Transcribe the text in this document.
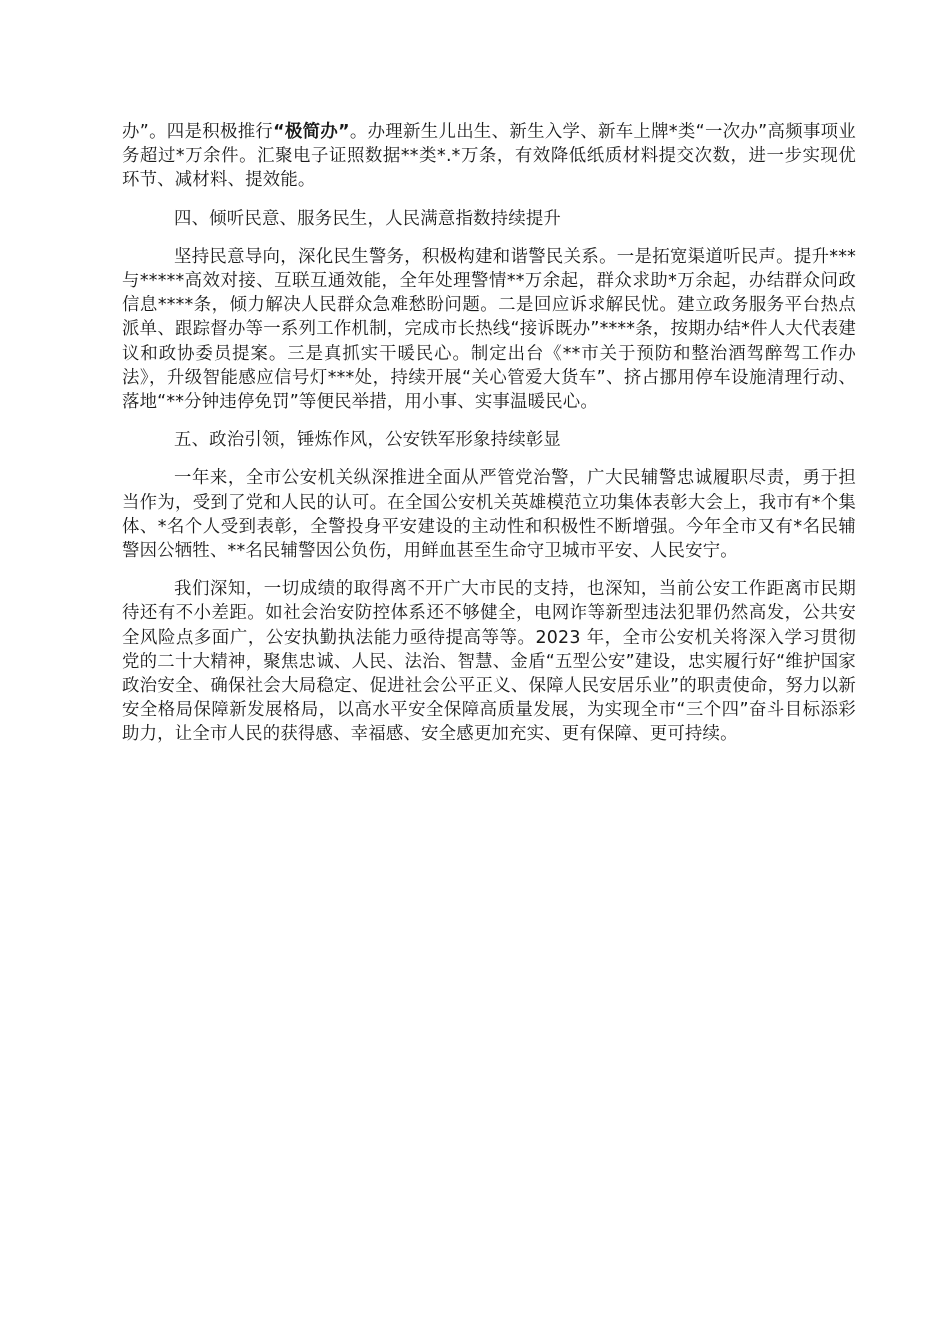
办”。四是积极推行“极简办”。办理新生儿出生、新生入学、新车上牌*类“一次办”高频事项业务超过*万余件。汇聚电子证照数据**类*.*万条，有效降低纸质材料提交次数，进一步实现优环节、减材料、提效能。

四、倾听民意、服务民生，人民满意指数持续提升

坚持民意导向，深化民生警务，积极构建和谐警民关系。一是拓宽渠道听民声。提升***与*****高效对接、互联互通效能，全年处理警情**万余起，群众求助*万余起，办结群众问政信息****条，倾力解决人民群众急难愁盼问题。二是回应诉求解民忧。建立政务服务平台热点派单、跟踪督办等一系列工作机制，完成市长热线“接诉既办”****条，按期办结*件人大代表建议和政协委员提案。三是真抓实干暖民心。制定出台《**市关于预防和整治酒驾醉驾工作办法》，升级智能感应信号灯***处，持续开展“关心管爱大货车”、挤占挪用停车设施清理行动、落地“**分钟违停免罚”等便民举措，用小事、实事温暖民心。

五、政治引领，锤炼作风，公安铁军形象持续彰显

一年来，全市公安机关纵深推进全面从严管党治警，广大民辅警忠诚履职尽责，勇于担当作为，受到了党和人民的认可。在全国公安机关英雄模范立功集体表彰大会上，我市有*个集体、*名个人受到表彰，全警投身平安建设的主动性和积极性不断增强。今年全市又有*名民辅警因公牺牲、**名民辅警因公负伤，用鲜血甚至生命守卫城市平安、人民安宁。

我们深知，一切成绩的取得离不开广大市民的支持，也深知，当前公安工作距离市民期待还有不小差距。如社会治安防控体系还不够健全，电网诈等新型违法犯罪仍然高发，公共安全风险点多面广，公安执勤执法能力亟待提高等等。2023 年，全市公安机关将深入学习贯彻党的二十大精神，聚焦忠诚、人民、法治、智慧、金盾“五型公安”建设，忠实履行好“维护国家政治安全、确保社会大局稳定、促进社会公平正义、保障人民安居乐业”的职责使命，努力以新安全格局保障新发展格局，以高水平安全保障高质量发展，为实现全市“三个四”奋斗目标添彩助力，让全市人民的获得感、幸福感、安全感更加充实、更有保障、更可持续。
